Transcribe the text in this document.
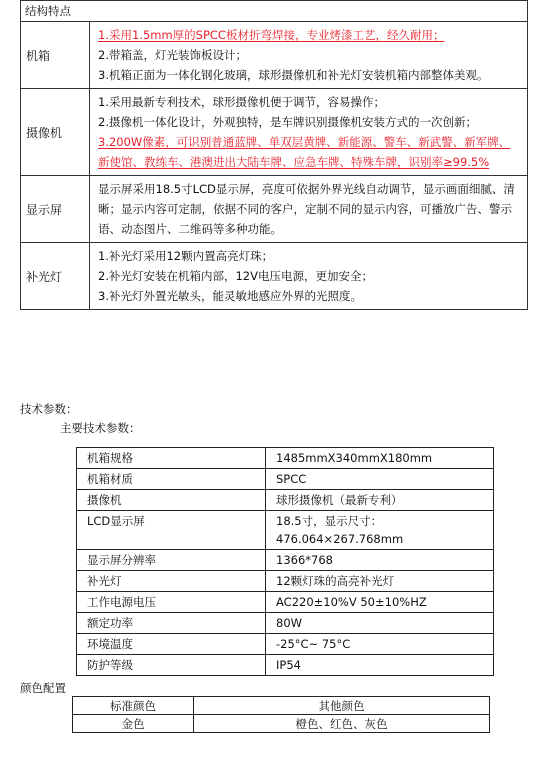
结构特点	
机箱	1.采用1.5mm厚的SPCC板材折弯焊接，专业烤漆工艺，经久耐用；
2.带箱盖，灯光装饰板设计；
3.机箱正面为一体化钢化玻璃，球形摄像机和补光灯安装机箱内部整体美观。

摄像机	1.采用最新专利技术，球形摄像机便于调节，容易操作；
2.摄像机一体化设计，外观独特，是车牌识别摄像机安装方式的一次创新；
3.200W像素，可识别普通蓝牌、单双层黄牌、新能源、警车、新武警、新军牌、新使馆、教练车、港澳进出大陆车牌、应急车牌、特殊车牌，识别率≥99.5%

显示屏	显示屏采用18.5寸LCD显示屏，亮度可依据外界光线自动调节，显示画面细腻、清晰；显示内容可定制，依据不同的客户，定制不同的显示内容，可播放广告、警示语、动态图片、二维码等多种功能。

补光灯	1.补光灯采用12颗内置高亮灯珠；
2.补光灯安装在机箱内部，12V电压电源，更加安全；
3.补光灯外置光敏头，能灵敏地感应外界的光照度。
技术参数：
主要技术参数：
机箱规格	1485mmX340mmX180mm
机箱材质	SPCC
摄像机	球形摄像机（最新专利）
LCD显示屏	18.5寸，显示尺寸：476.064×267.768mm
显示屏分辨率	1366*768
补光灯	12颗灯珠的高亮补光灯
工作电源电压	AC220±10%V 50±10%HZ
额定功率	80W
环境温度	-25°C~ 75°C
防护等级	IP54
颜色配置
标准颜色	其他颜色
金色	橙色、红色、灰色
